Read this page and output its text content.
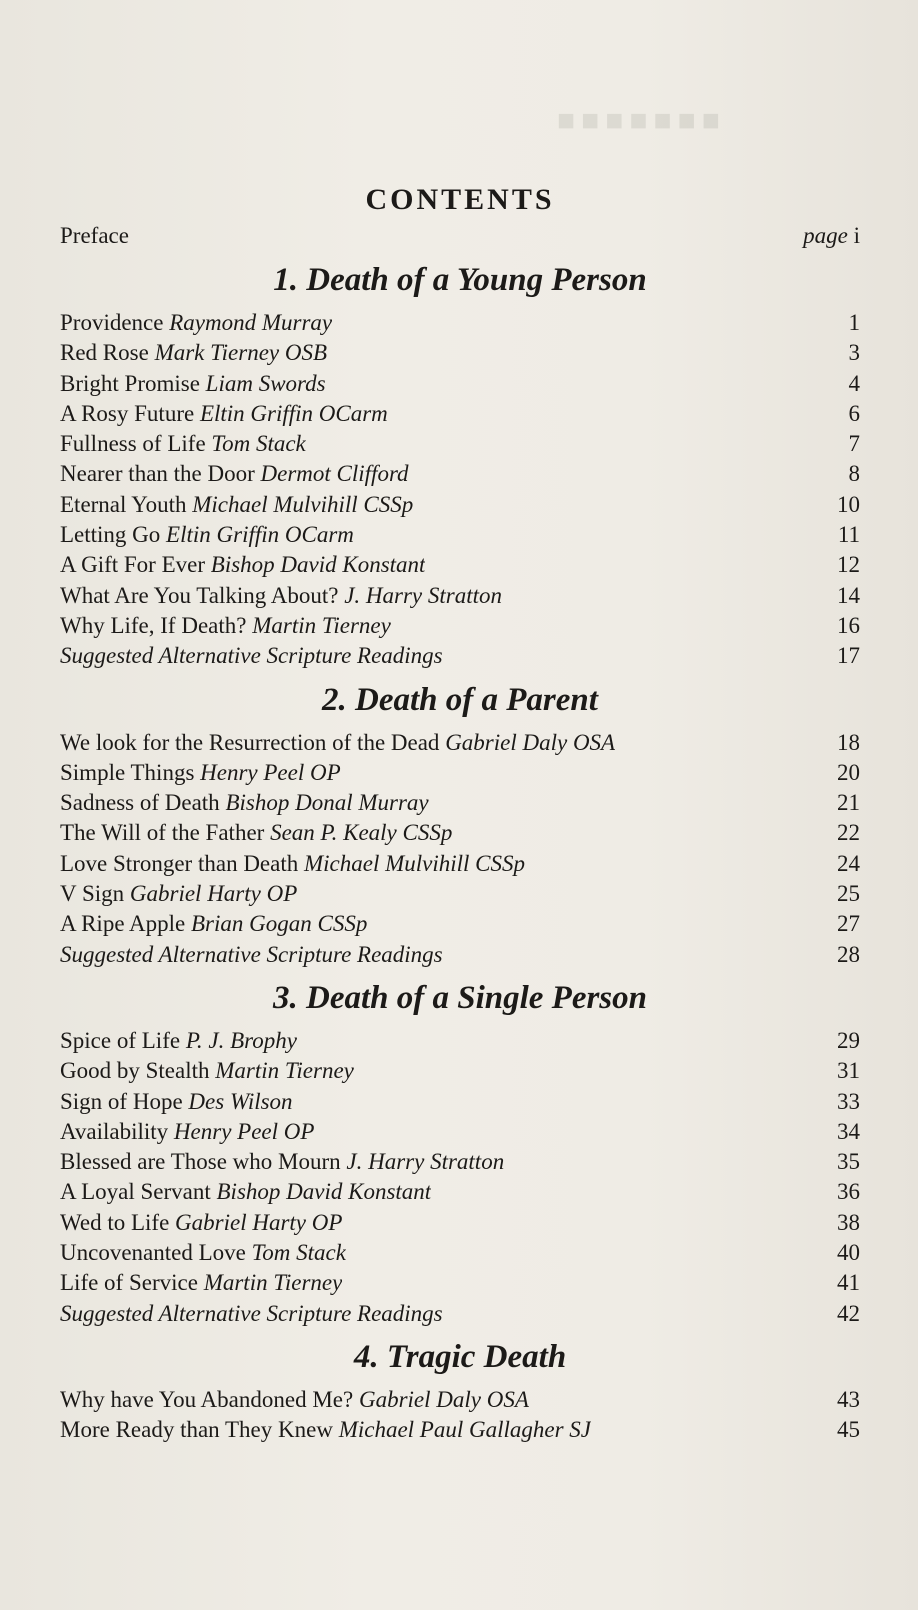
■■■■■■■
CONTENTS
Preface	page i
1. Death of a Young Person
Providence Raymond Murray	1
Red Rose Mark Tierney OSB	3
Bright Promise Liam Swords	4
A Rosy Future Eltin Griffin OCarm	6
Fullness of Life Tom Stack	7
Nearer than the Door Dermot Clifford	8
Eternal Youth Michael Mulvihill CSSp	10
Letting Go Eltin Griffin OCarm	11
A Gift For Ever Bishop David Konstant	12
What Are You Talking About? J. Harry Stratton	14
Why Life, If Death? Martin Tierney	16
Suggested Alternative Scripture Readings	17
2. Death of a Parent
We look for the Resurrection of the Dead Gabriel Daly OSA	18
Simple Things Henry Peel OP	20
Sadness of Death Bishop Donal Murray	21
The Will of the Father Sean P. Kealy CSSp	22
Love Stronger than Death Michael Mulvihill CSSp	24
V Sign Gabriel Harty OP	25
A Ripe Apple Brian Gogan CSSp	27
Suggested Alternative Scripture Readings	28
3. Death of a Single Person
Spice of Life P. J. Brophy	29
Good by Stealth Martin Tierney	31
Sign of Hope Des Wilson	33
Availability Henry Peel OP	34
Blessed are Those who Mourn J. Harry Stratton	35
A Loyal Servant Bishop David Konstant	36
Wed to Life Gabriel Harty OP	38
Uncovenanted Love Tom Stack	40
Life of Service Martin Tierney	41
Suggested Alternative Scripture Readings	42
4. Tragic Death
Why have You Abandoned Me? Gabriel Daly OSA	43
More Ready than They Knew Michael Paul Gallagher SJ	45
